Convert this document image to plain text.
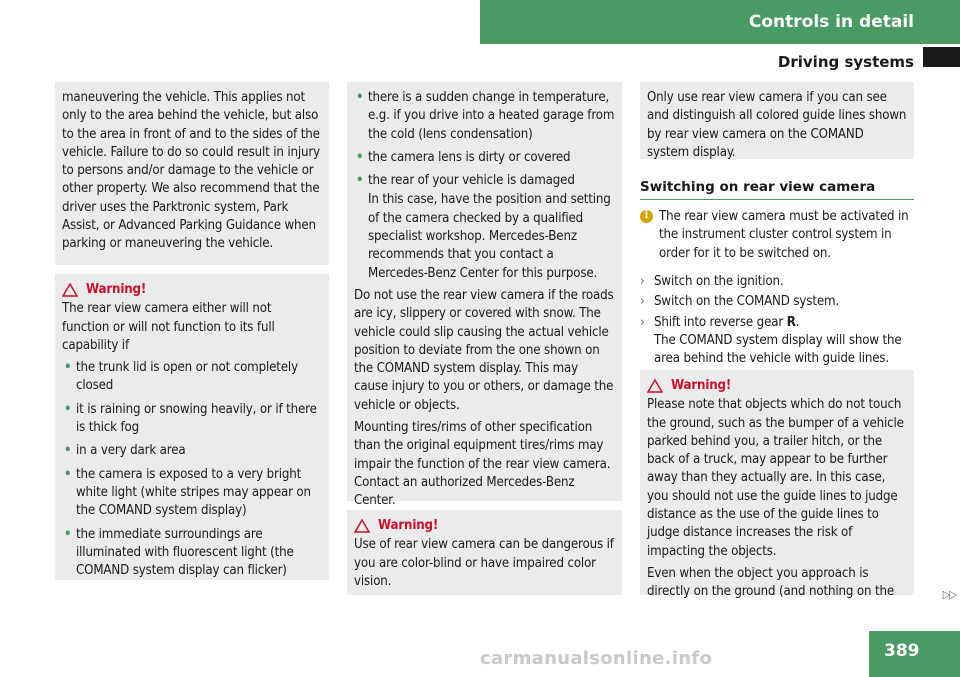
Controls in detail
Driving systems

maneuvering the vehicle. This applies not only to the area behind the vehicle, but also to the area in front of and to the sides of the vehicle. Failure to do so could result in injury to persons and/or damage to the vehicle or other property. We also recommend that the driver uses the Parktronic system, Park Assist, or Advanced Parking Guidance when parking or maneuvering the vehicle.

Warning!

The rear view camera either will not function or will not function to its full capability if

• the trunk lid is open or not completely closed
• it is raining or snowing heavily, or if there is thick fog
• in a very dark area
• the camera is exposed to a very bright white light (white stripes may appear on the COMAND system display)
• the immediate surroundings are illuminated with fluorescent light (the COMAND system display can flicker)
• there is a sudden change in temperature, e.g. if you drive into a heated garage from the cold (lens condensation)
• the camera lens is dirty or covered
• the rear of your vehicle is damaged

In this case, have the position and setting of the camera checked by a qualified specialist workshop. Mercedes-Benz recommends that you contact a Mercedes-Benz Center for this purpose.

Do not use the rear view camera if the roads are icy, slippery or covered with snow. The vehicle could slip causing the actual vehicle position to deviate from the one shown on the COMAND system display. This may cause injury to you or others, or damage the vehicle or objects.

Mounting tires/rims of other specification than the original equipment tires/rims may impair the function of the rear view camera. Contact an authorized Mercedes-Benz Center.

Warning!

Use of rear view camera can be dangerous if you are color-blind or have impaired color vision.

Only use rear view camera if you can see and distinguish all colored guide lines shown by rear view camera on the COMAND system display.

Switching on rear view camera
i The rear view camera must be activated in the instrument cluster control system in order for it to be switched on.
› Switch on the ignition.
› Switch on the COMAND system.
› Shift into reverse gear R.
The COMAND system display will show the area behind the vehicle with guide lines.
Warning!

Please note that objects which do not touch the ground, such as the bumper of a vehicle parked behind you, a trailer hitch, or the back of a truck, may appear to be further away than they actually are. In this case, you should not use the guide lines to judge distance as the use of the guide lines to judge distance increases the risk of impacting the objects.

Even when the object you approach is directly on the ground (and nothing on the	▷▷
389
carmanualsonline.info
